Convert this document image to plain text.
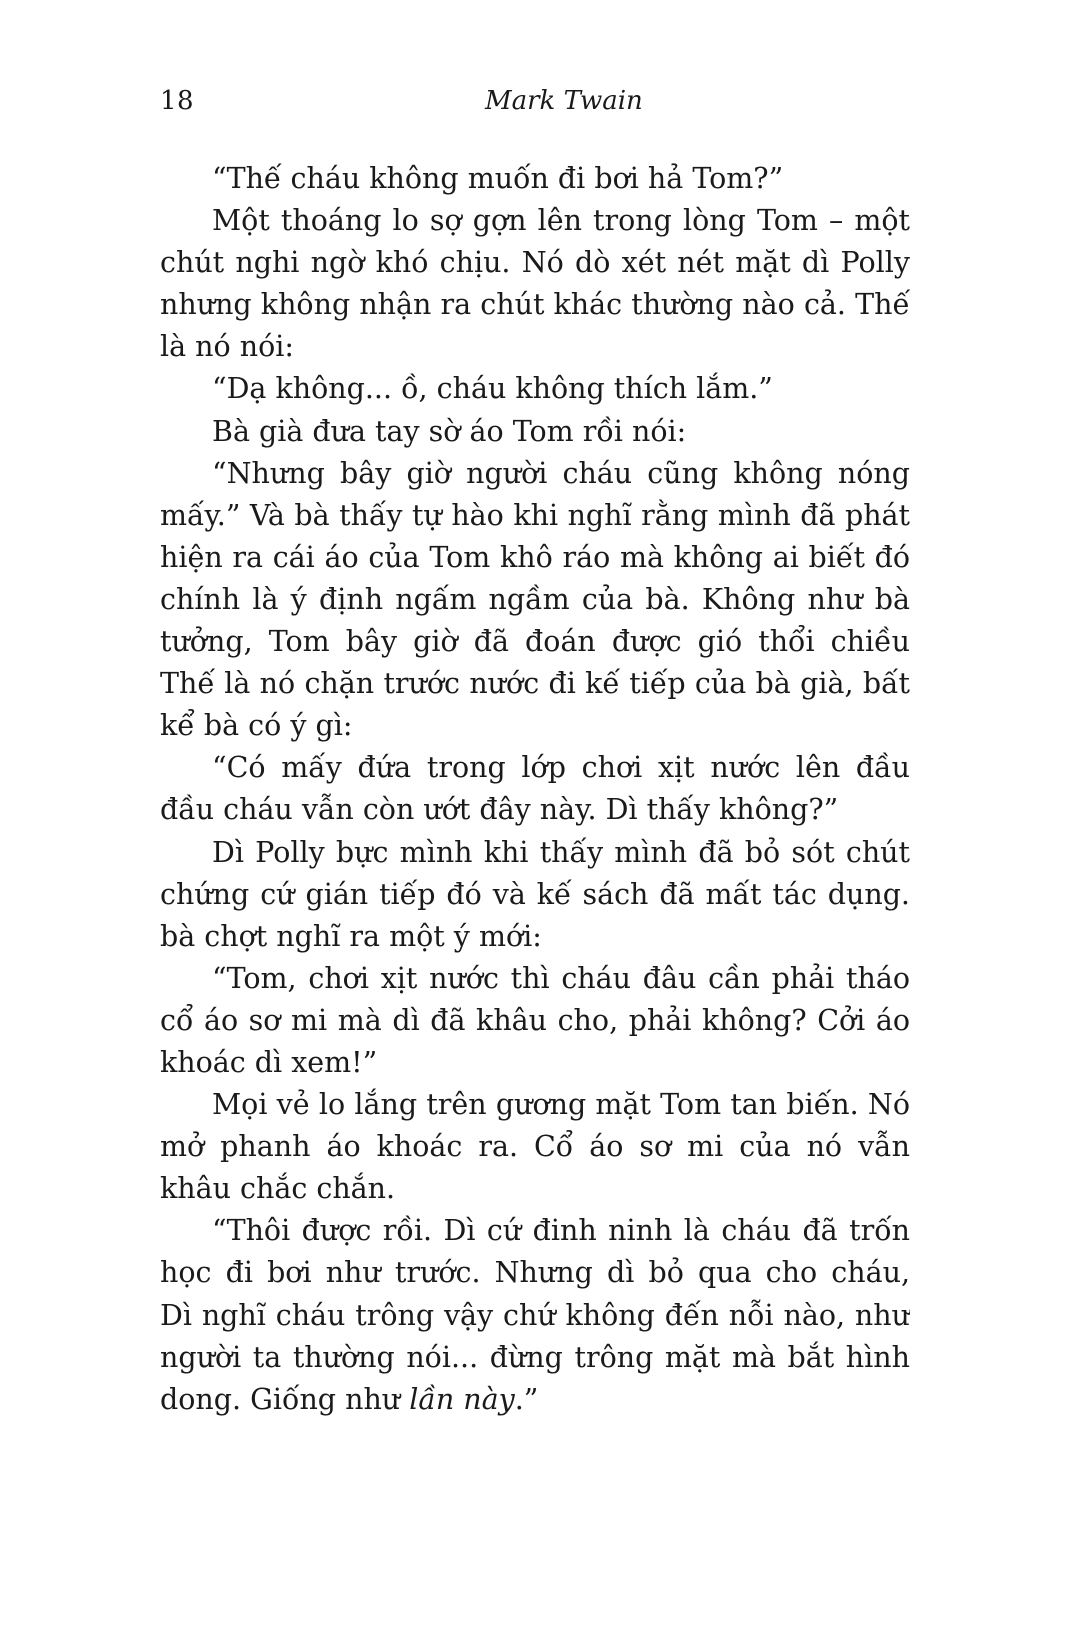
18	Mark Twain
“Thế cháu không muốn đi bơi hả Tom?”
Một thoáng lo sợ gợn lên trong lòng Tom – một
chút nghi ngờ khó chịu. Nó dò xét nét mặt dì Polly
nhưng không nhận ra chút khác thường nào cả. Thế
là nó nói:
“Dạ không... ồ, cháu không thích lắm.”
Bà già đưa tay sờ áo Tom rồi nói:
“Nhưng bây giờ người cháu cũng không nóng
mấy.” Và bà thấy tự hào khi nghĩ rằng mình đã phát
hiện ra cái áo của Tom khô ráo mà không ai biết đó
chính là ý định ngấm ngầm của bà. Không như bà
tưởng, Tom bây giờ đã đoán được gió thổi chiều
Thế là nó chặn trước nước đi kế tiếp của bà già, bất
kể bà có ý gì:
“Có mấy đứa trong lớp chơi xịt nước lên đầu
đầu cháu vẫn còn ướt đây này. Dì thấy không?”
Dì Polly bực mình khi thấy mình đã bỏ sót chút
chứng cứ gián tiếp đó và kế sách đã mất tác dụng.
bà chợt nghĩ ra một ý mới:
“Tom, chơi xịt nước thì cháu đâu cần phải tháo
cổ áo sơ mi mà dì đã khâu cho, phải không? Cởi áo
khoác dì xem!”
Mọi vẻ lo lắng trên gương mặt Tom tan biến. Nó
mở phanh áo khoác ra. Cổ áo sơ mi của nó vẫn
khâu chắc chắn.
“Thôi được rồi. Dì cứ đinh ninh là cháu đã trốn
học đi bơi như trước. Nhưng dì bỏ qua cho cháu,
Dì nghĩ cháu trông vậy chứ không đến nỗi nào, như
người ta thường nói... đừng trông mặt mà bắt hình
dong. Giống như lần này.”
